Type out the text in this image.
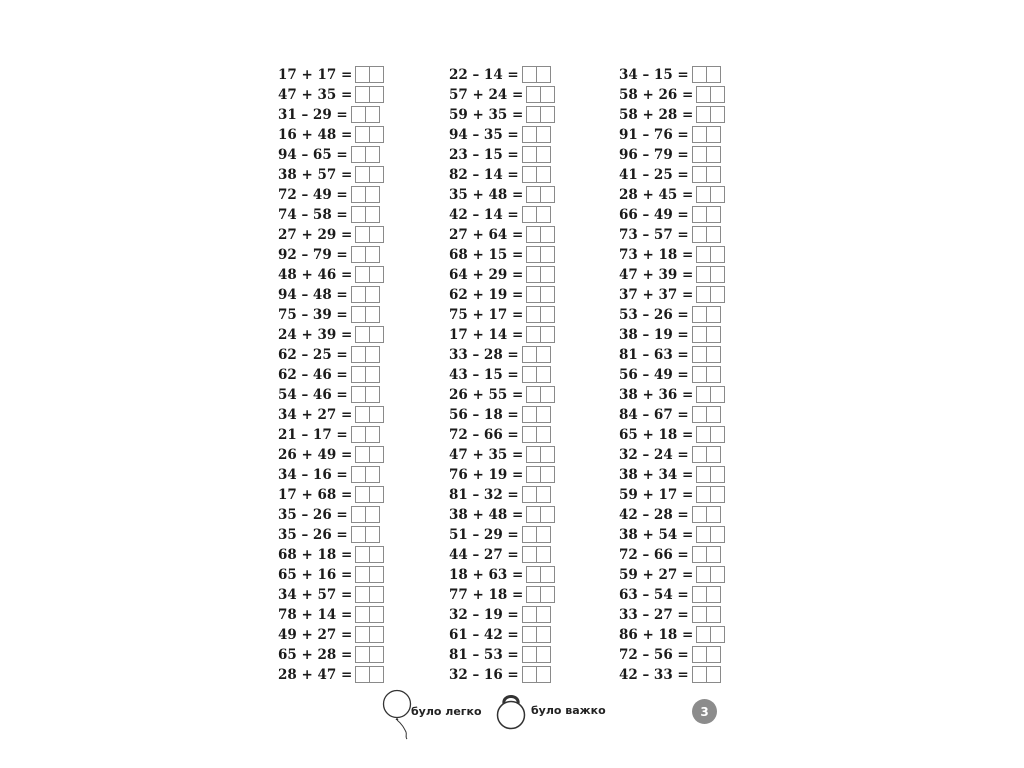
17 + 17 =
47 + 35 =
31 – 29 =
16 + 48 =
94 – 65 =
38 + 57 =
72 – 49 =
74 – 58 =
27 + 29 =
92 – 79 =
48 + 46 =
94 – 48 =
75 – 39 =
24 + 39 =
62 – 25 =
62 – 46 =
54 – 46 =
34 + 27 =
21 – 17 =
26 + 49 =
34 – 16 =
17 + 68 =
35 – 26 =
35 – 26 =
68 + 18 =
65 + 16 =
34 + 57 =
78 + 14 =
49 + 27 =
65 + 28 =
28 + 47 =
22 – 14 =
57 + 24 =
59 + 35 =
94 – 35 =
23 – 15 =
82 – 14 =
35 + 48 =
42 – 14 =
27 + 64 =
68 + 15 =
64 + 29 =
62 + 19 =
75 + 17 =
17 + 14 =
33 – 28 =
43 – 15 =
26 + 55 =
56 – 18 =
72 – 66 =
47 + 35 =
76 + 19 =
81 – 32 =
38 + 48 =
51 – 29 =
44 – 27 =
18 + 63 =
77 + 18 =
32 – 19 =
61 – 42 =
81 – 53 =
32 – 16 =
34 – 15 =
58 + 26 =
58 + 28 =
91 – 76 =
96 – 79 =
41 – 25 =
28 + 45 =
66 – 49 =
73 – 57 =
73 + 18 =
47 + 39 =
37 + 37 =
53 – 26 =
38 – 19 =
81 – 63 =
56 – 49 =
38 + 36 =
84 – 67 =
65 + 18 =
32 – 24 =
38 + 34 =
59 + 17 =
42 – 28 =
38 + 54 =
72 – 66 =
59 + 27 =
63 – 54 =
33 – 27 =
86 + 18 =
72 – 56 =
42 – 33 =
було легко	було важко	3
